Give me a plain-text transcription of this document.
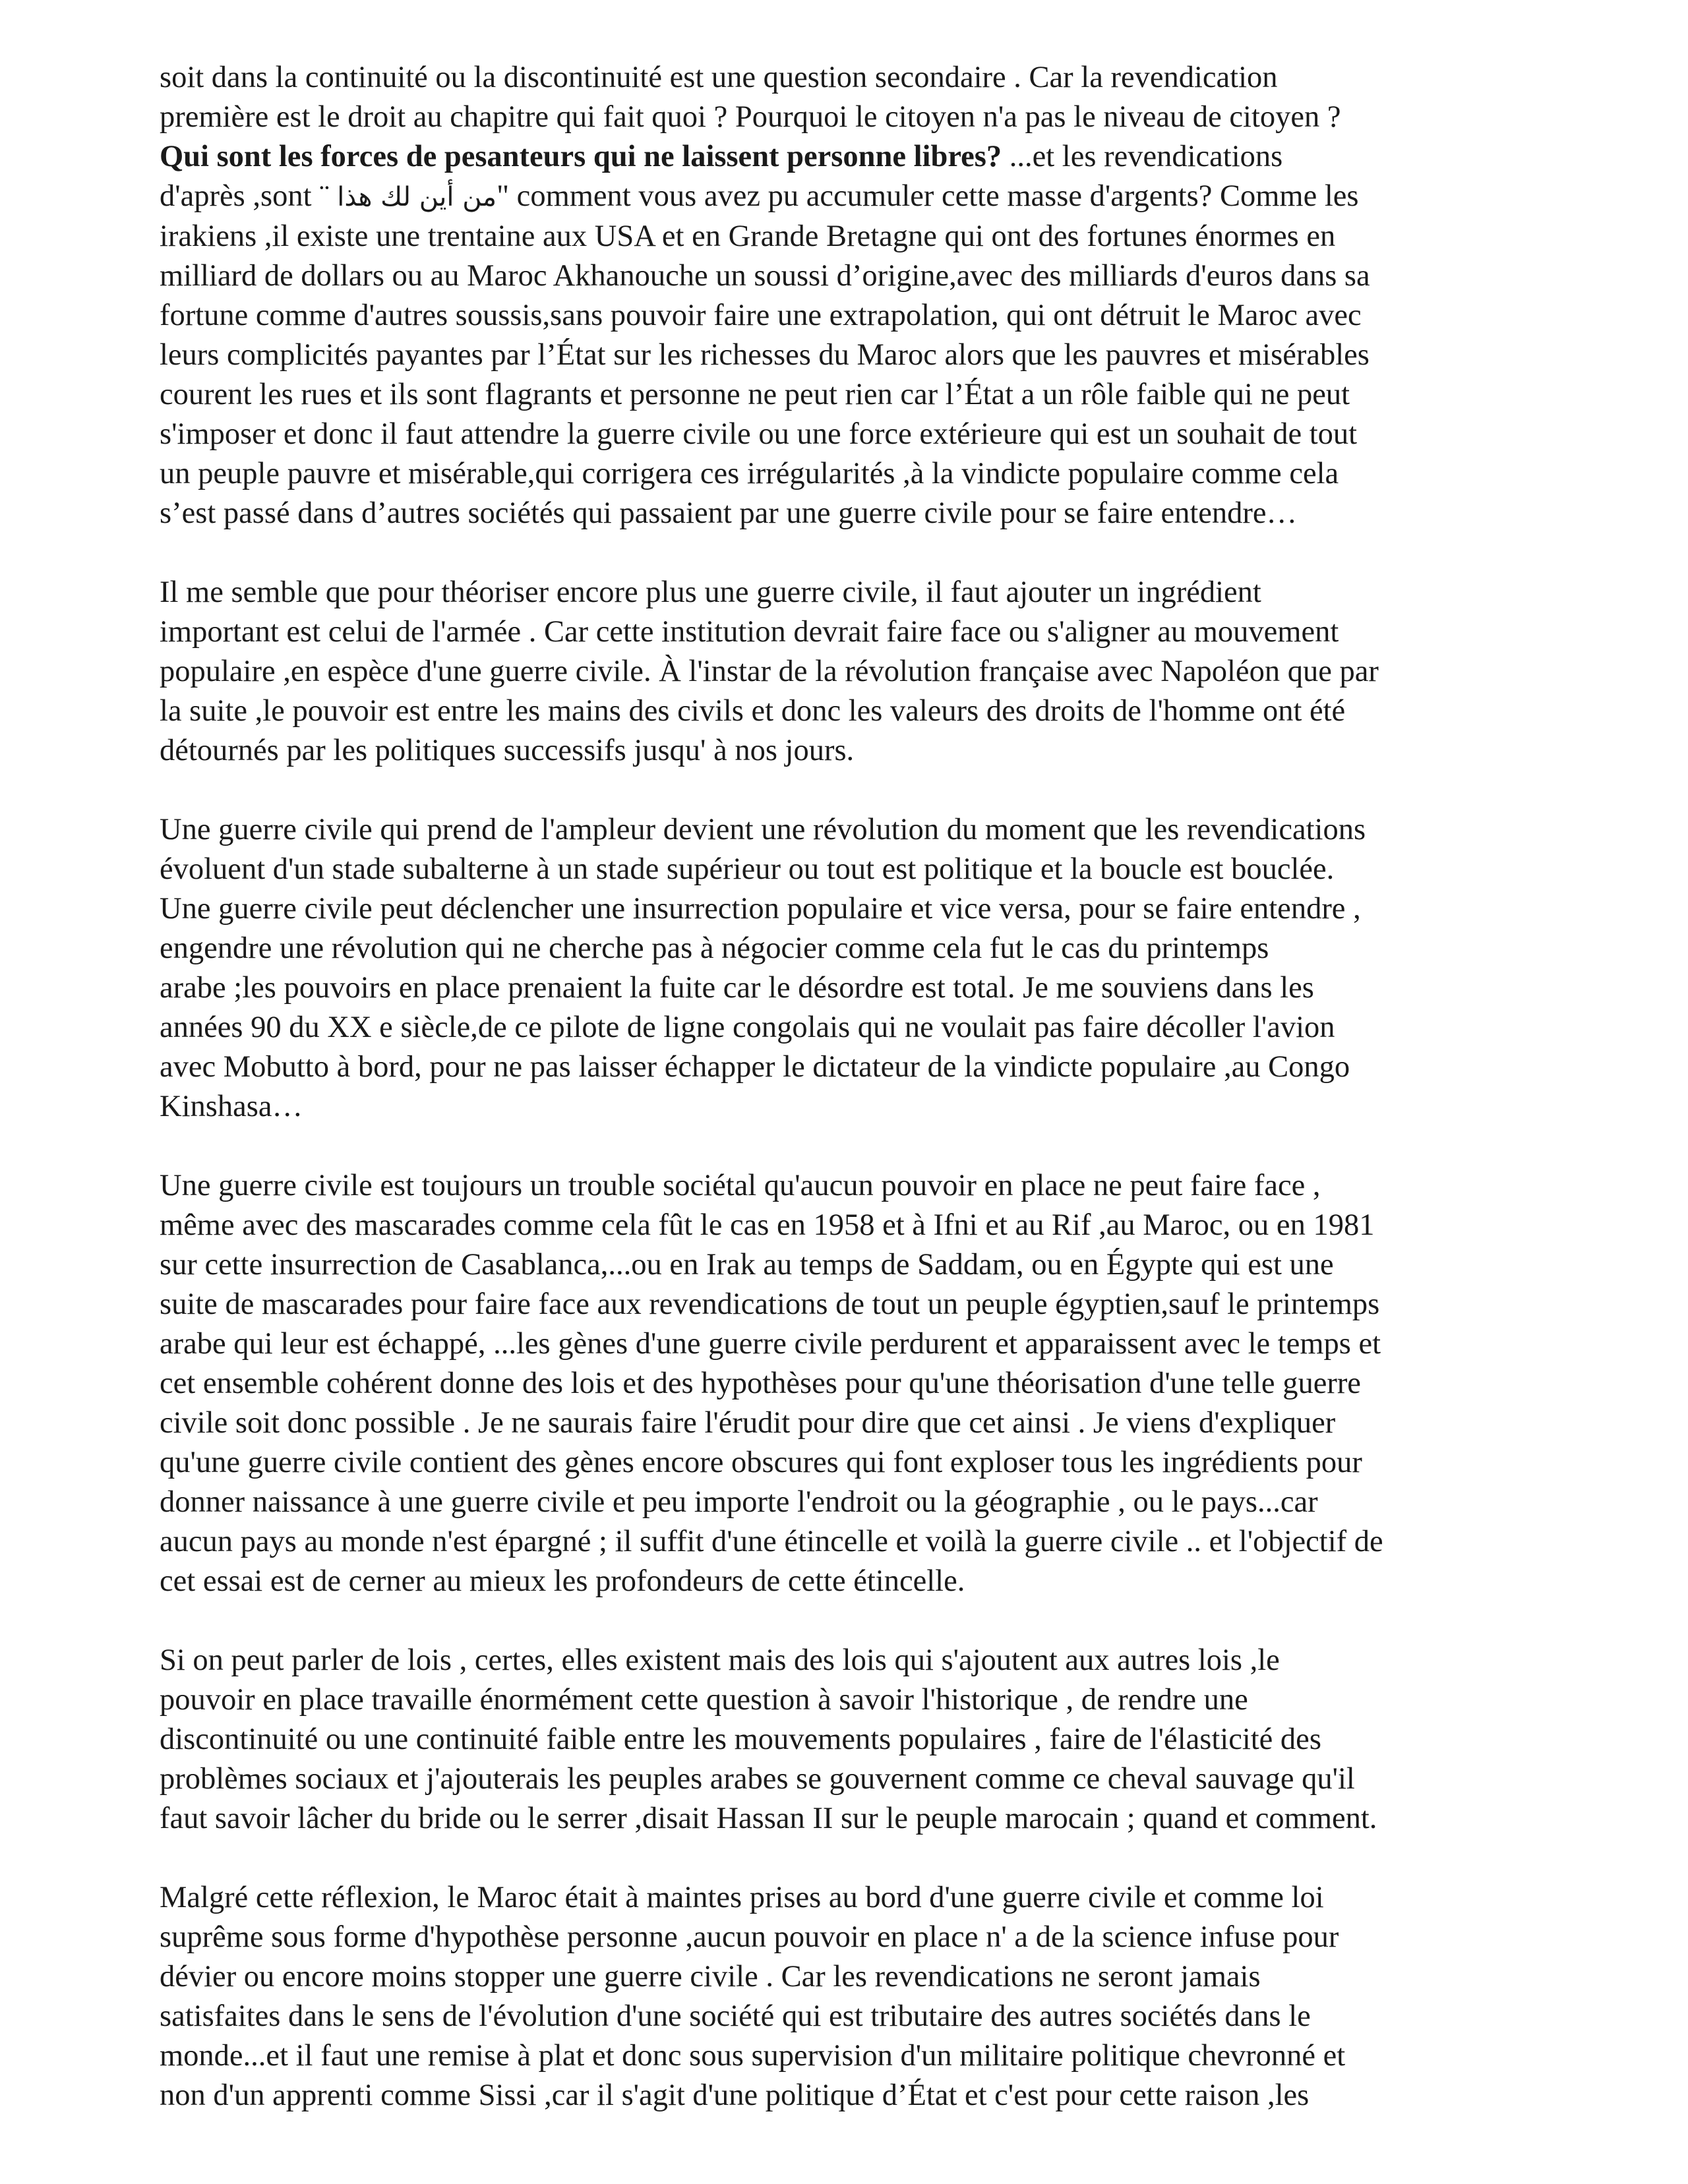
soit dans la continuité ou la discontinuité est une question secondaire . Car la revendication
première est le droit au chapitre qui fait quoi ? Pourquoi le citoyen n'a pas le niveau de citoyen ?
Qui sont les forces de pesanteurs qui ne laissent personne libres? ...et les revendications
d'après ,sont ¨ من أين لك هذا" comment vous avez pu accumuler cette masse d'argents? Comme les
irakiens ,il existe une trentaine aux USA et en Grande Bretagne qui ont des fortunes énormes en
milliard de dollars ou au Maroc Akhanouche un soussi d’origine,avec des milliards d'euros dans sa
fortune comme d'autres soussis,sans pouvoir faire une extrapolation, qui ont détruit le Maroc avec
leurs complicités payantes par l’État sur les richesses du Maroc alors que les pauvres et misérables
courent les rues et ils sont flagrants et personne ne peut rien car l’État a un rôle faible qui ne peut
s'imposer et donc il faut attendre la guerre civile ou une force extérieure qui est un souhait de tout
un peuple pauvre et misérable,qui corrigera ces irrégularités ,à la vindicte populaire comme cela
s’est passé dans d’autres sociétés qui passaient par une guerre civile pour se faire entendre…

Il me semble que pour théoriser encore plus une guerre civile, il faut ajouter un ingrédient
important est celui de l'armée . Car cette institution devrait faire face ou s'aligner au mouvement
populaire ,en espèce d'une guerre civile. À l'instar de la révolution française avec Napoléon que par
la suite ,le pouvoir est entre les mains des civils et donc les valeurs des droits de l'homme ont été
détournés par les politiques successifs jusqu' à nos jours.

Une guerre civile qui prend de l'ampleur devient une révolution du moment que les revendications
évoluent d'un stade subalterne à un stade supérieur ou tout est politique et la boucle est bouclée.
Une guerre civile peut déclencher une insurrection populaire et vice versa, pour se faire entendre ,
engendre une révolution qui ne cherche pas à négocier comme cela fut le cas du printemps
arabe ;les pouvoirs en place prenaient la fuite car le désordre est total. Je me souviens dans les
années 90 du XX e siècle,de ce pilote de ligne congolais qui ne voulait pas faire décoller l'avion
avec Mobutto à bord, pour ne pas laisser échapper le dictateur de la vindicte populaire ,au Congo
Kinshasa…

Une guerre civile est toujours un trouble sociétal qu'aucun pouvoir en place ne peut faire face ,
même avec des mascarades comme cela fût le cas en 1958 et à Ifni et au Rif ,au Maroc, ou en 1981
sur cette insurrection de Casablanca,...ou en Irak au temps de Saddam, ou en Égypte qui est une
suite de mascarades pour faire face aux revendications de tout un peuple égyptien,sauf le printemps
arabe qui leur est échappé, ...les gènes d'une guerre civile perdurent et apparaissent avec le temps et
cet ensemble cohérent donne des lois et des hypothèses pour qu'une théorisation d'une telle guerre
civile soit donc possible . Je ne saurais faire l'érudit pour dire que cet ainsi . Je viens d'expliquer
qu'une guerre civile contient des gènes encore obscures qui font exploser tous les ingrédients pour
donner naissance à une guerre civile et peu importe l'endroit ou la géographie , ou le pays...car
aucun pays au monde n'est épargné ; il suffit d'une étincelle et voilà la guerre civile .. et l'objectif de
cet essai est de cerner au mieux les profondeurs de cette étincelle.

Si on peut parler de lois , certes, elles existent mais des lois qui s'ajoutent aux autres lois ,le
pouvoir en place travaille énormément cette question à savoir l'historique , de rendre une
discontinuité ou une continuité faible entre les mouvements populaires , faire de l'élasticité des
problèmes sociaux et j'ajouterais les peuples arabes se gouvernent comme ce cheval sauvage qu'il
faut savoir lâcher du bride ou le serrer ,disait Hassan II sur le peuple marocain ; quand et comment.

Malgré cette réflexion, le Maroc était à maintes prises au bord d'une guerre civile et comme loi
suprême sous forme d'hypothèse personne ,aucun pouvoir en place n' a de la science infuse pour
dévier ou encore moins stopper une guerre civile . Car les revendications ne seront jamais
satisfaites dans le sens de l'évolution d'une société qui est tributaire des autres sociétés dans le
monde...et il faut une remise à plat et donc sous supervision d'un militaire politique chevronné et
non d'un apprenti comme Sissi ,car il s'agit d'une politique d’État et c'est pour cette raison ,les
